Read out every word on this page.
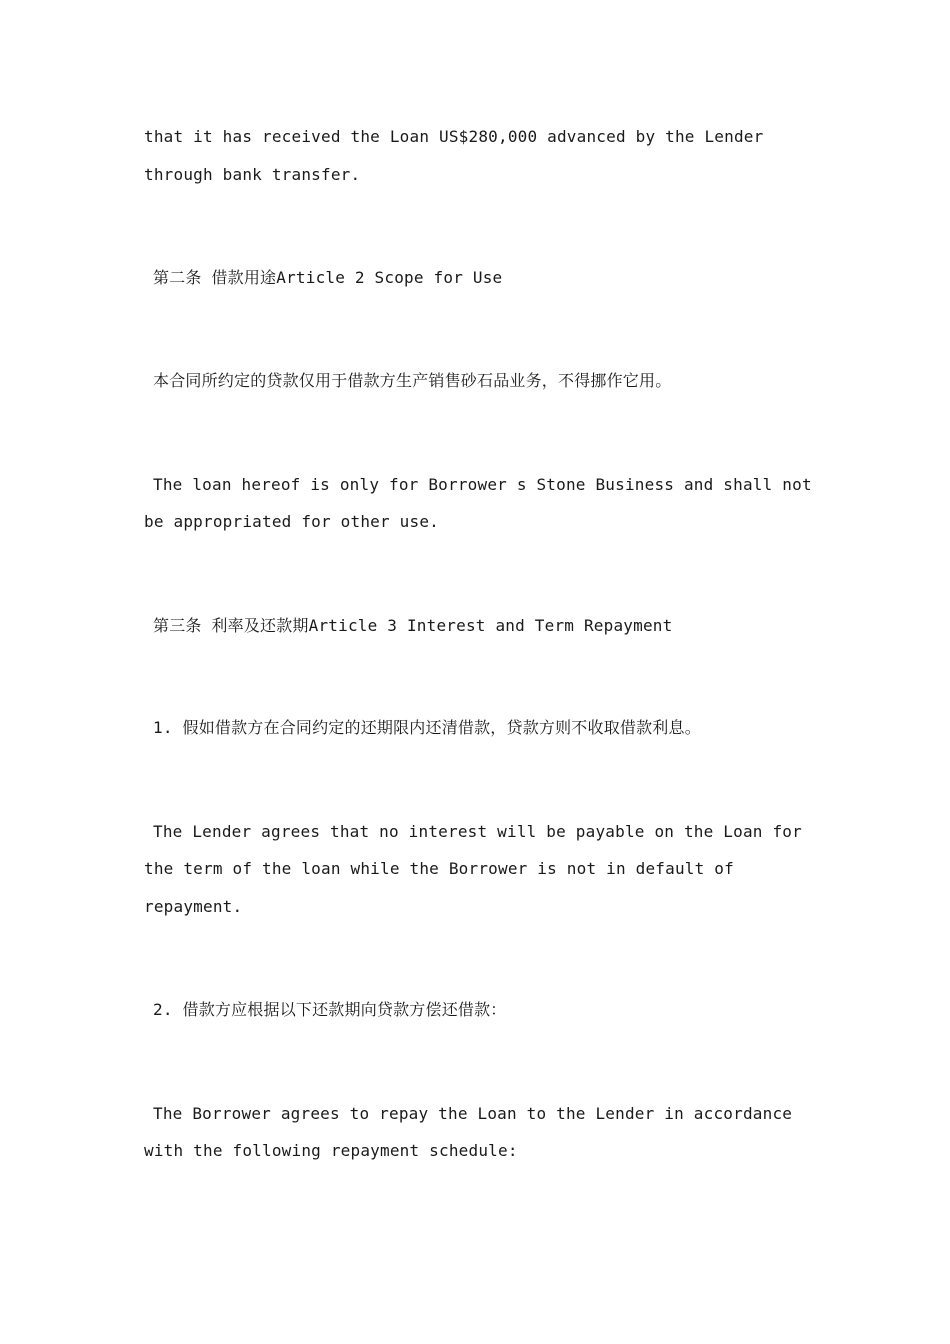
that it has received the Loan US$280,000 advanced by the Lender
through bank transfer.
第二条 借款用途Article 2 Scope for Use
本合同所约定的贷款仅用于借款方生产销售砂石品业务，不得挪作它用。
The loan hereof is only for Borrower s Stone Business and shall not
be appropriated for other use.
第三条 利率及还款期Article 3 Interest and Term Repayment
1. 假如借款方在合同约定的还期限内还清借款，贷款方则不收取借款利息。
The Lender agrees that no interest will be payable on the Loan for
the term of the loan while the Borrower is not in default of
repayment.
2. 借款方应根据以下还款期向贷款方偿还借款：
The Borrower agrees to repay the Loan to the Lender in accordance
with the following repayment schedule:
